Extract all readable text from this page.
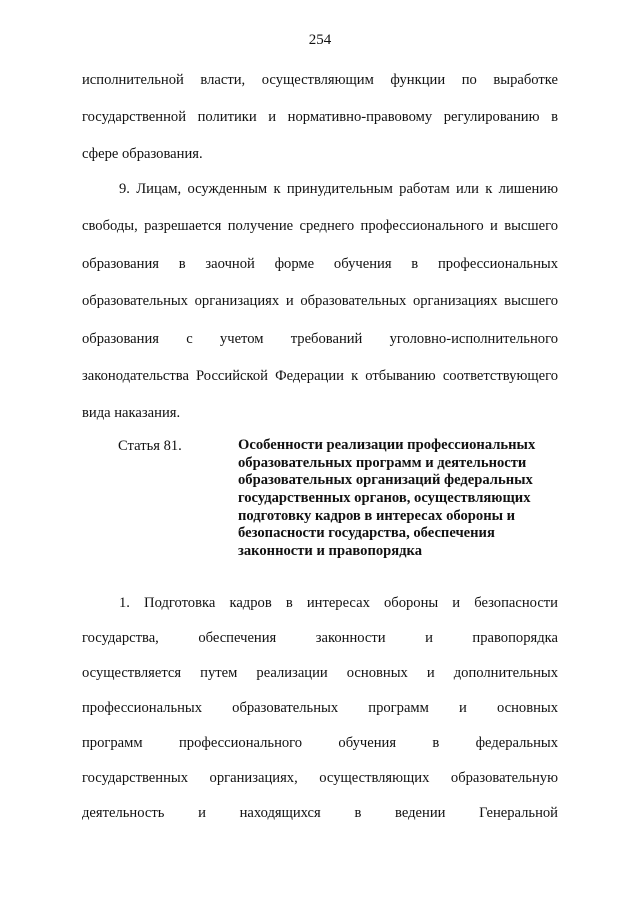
254
исполнительной власти, осуществляющим функции по выработке
государственной политики и нормативно-правовому регулированию в
сфере образования.
9. Лицам, осужденным к принудительным работам или к лишению
свободы, разрешается получение среднего профессионального и высшего
образования в заочной форме обучения в профессиональных
образовательных организациях и образовательных организациях высшего
образования с учетом требований уголовно-исполнительного
законодательства Российской Федерации к отбыванию соответствующего
вида наказания.
Статья 81.	Особенности реализации профессиональных
образовательных программ и деятельности
образовательных организаций федеральных
государственных органов, осуществляющих
подготовку кадров в интересах обороны и
безопасности государства, обеспечения
законности и правопорядка
1. Подготовка кадров в интересах обороны и безопасности
государства, обеспечения законности и правопорядка
осуществляется путем реализации основных и дополнительных
профессиональных образовательных программ и основных
программ профессионального обучения в федеральных
государственных организациях, осуществляющих образовательную
деятельность и находящихся в ведении Генеральной
